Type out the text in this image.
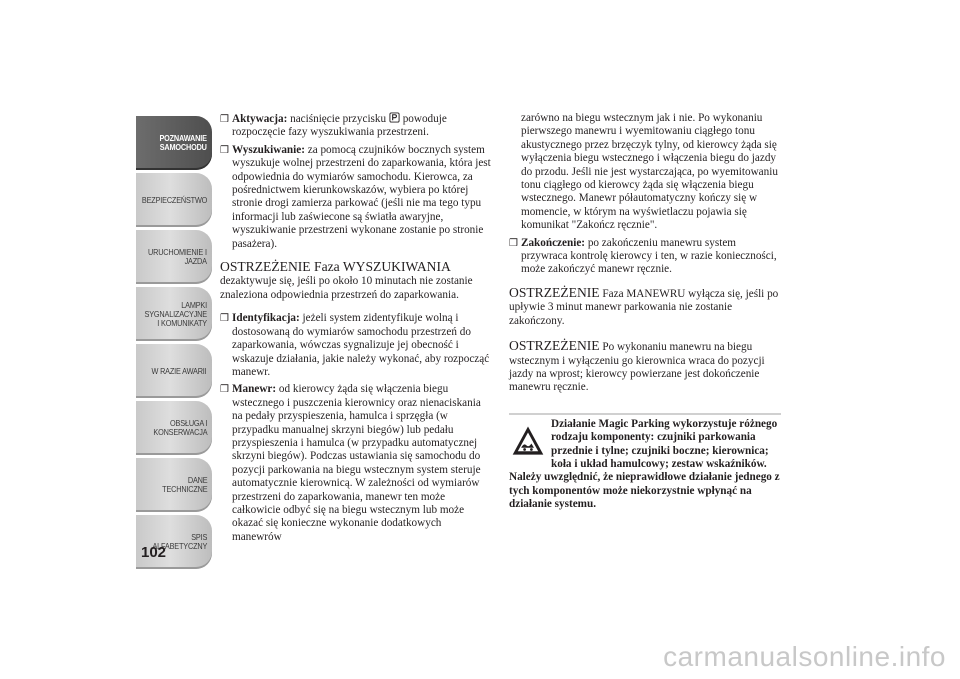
POZNAWANIE
SAMOCHODU
BEZPIECZEŃSTWO
URUCHOMIENIE I
JAZDA
LAMPKI
SYGNALIZACYJNE
I KOMUNIKATY
W RAZIE AWARII
OBSŁUGA I
KONSERWACJA
DANE
TECHNICZNE
SPIS
ALFABETYCZNY
102

❒ Aktywacja: naciśnięcie przycisku  powoduje rozpoczęcie fazy wyszukiwania przestrzeni.

❒ Wyszukiwanie: za pomocą czujników bocznych system wyszukuje wolnej przestrzeni do zaparkowania, która jest odpowiednia do wymiarów samochodu. Kierowca, za pośrednictwem kierunkowskazów, wybiera po której stronie drogi zamierza parkować (jeśli nie ma tego typu informacji lub zaświecone są światła awaryjne, wyszukiwanie przestrzeni wykonane zostanie po stronie pasażera).

OSTRZEŻENIE Faza WYSZUKIWANIA
dezaktywuje się, jeśli po około 10 minutach nie zostanie znaleziona odpowiednia przestrzeń do zaparkowania.

❒ Identyfikacja: jeżeli system zidentyfikuje wolną i dostosowaną do wymiarów samochodu przestrzeń do zaparkowania, wówczas sygnalizuje jej obecność i wskazuje działania, jakie należy wykonać, aby rozpocząć manewr.

❒ Manewr: od kierowcy żąda się włączenia biegu wstecznego i puszczenia kierownicy oraz nienaciskania na pedały przyspieszenia, hamulca i sprzęgła (w przypadku manualnej skrzyni biegów) lub pedału przyspieszenia i hamulca (w przypadku automatycznej skrzyni biegów). Podczas ustawiania się samochodu do pozycji parkowania na biegu wstecznym system steruje automatycznie kierownicą. W zależności od wymiarów przestrzeni do zaparkowania, manewr ten może całkowicie odbyć się na biegu wstecznym lub może okazać się konieczne wykonanie dodatkowych manewrów

zarówno na biegu wstecznym jak i nie. Po wykonaniu pierwszego manewru i wyemitowaniu ciągłego tonu akustycznego przez brzęczyk tylny, od kierowcy żąda się wyłączenia biegu wstecznego i włączenia biegu do jazdy do przodu. Jeśli nie jest wystarczająca, po wyemitowaniu tonu ciągłego od kierowcy żąda się włączenia biegu wstecznego. Manewr półautomatyczny kończy się w momencie, w którym na wyświetlaczu pojawia się komunikat "Zakończ ręcznie".

❒ Zakończenie: po zakończeniu manewru system przywraca kontrolę kierowcy i ten, w razie konieczności, może zakończyć manewr ręcznie.

OSTRZEŻENIE Faza MANEWRU wyłącza się, jeśli po upływie 3 minut manewr parkowania nie zostanie zakończony.

OSTRZEŻENIE Po wykonaniu manewru na biegu wstecznym i wyłączeniu go kierownica wraca do pozycji jazdy na wprost; kierowcy powierzane jest dokończenie manewru ręcznie.

Działanie Magic Parking wykorzystuje różnego rodzaju komponenty: czujniki parkowania przednie i tylne; czujniki boczne; kierownica; koła i układ hamulcowy; zestaw wskaźników. Należy uwzględnić, że nieprawidłowe działanie jednego z tych komponentów może niekorzystnie wpłynąć na działanie systemu.
carmanualsonline.info
